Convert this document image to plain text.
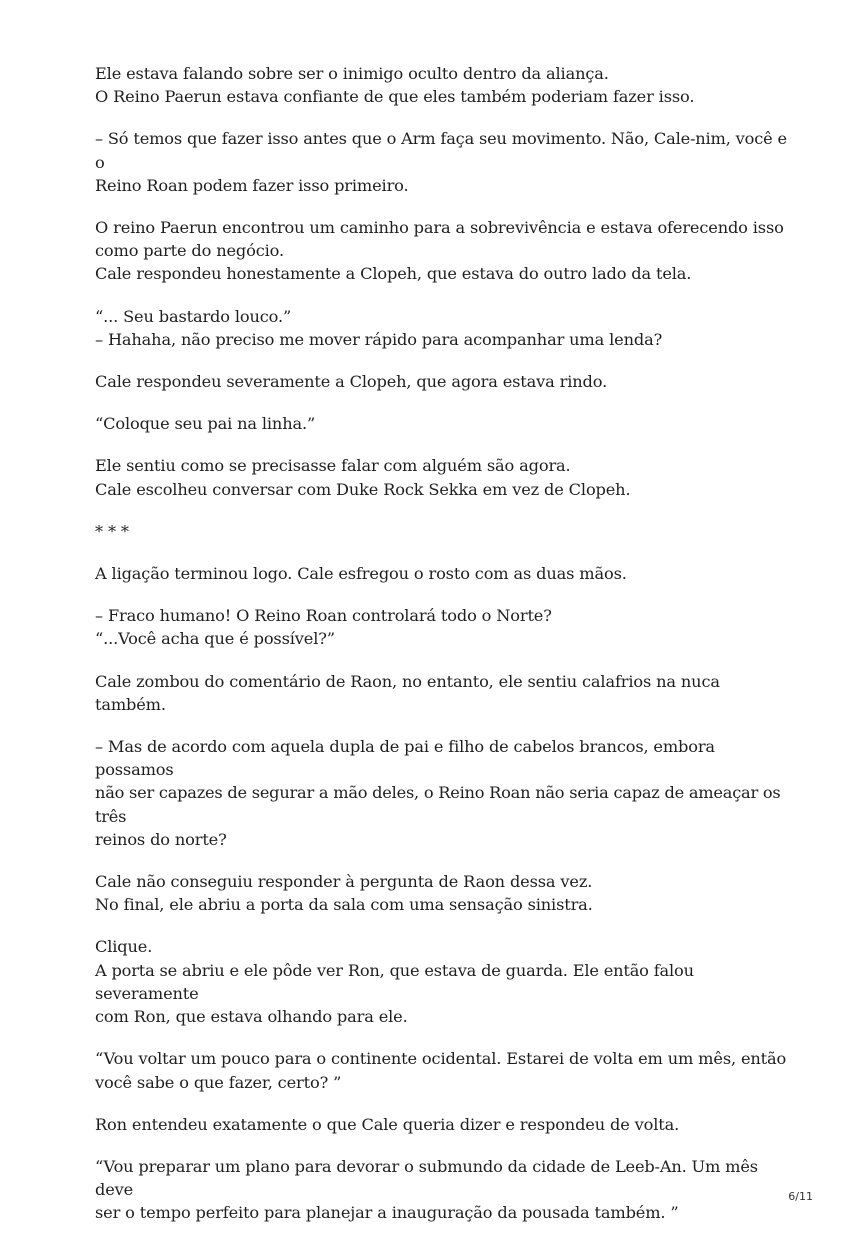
Ele estava falando sobre ser o inimigo oculto dentro da aliança.
O Reino Paerun estava confiante de que eles também poderiam fazer isso.

– Só temos que fazer isso antes que o Arm faça seu movimento. Não, Cale-nim, você e o
Reino Roan podem fazer isso primeiro.

O reino Paerun encontrou um caminho para a sobrevivência e estava oferecendo isso
como parte do negócio.
Cale respondeu honestamente a Clopeh, que estava do outro lado da tela.

“... Seu bastardo louco.”
– Hahaha, não preciso me mover rápido para acompanhar uma lenda?

Cale respondeu severamente a Clopeh, que agora estava rindo.

“Coloque seu pai na linha.”

Ele sentiu como se precisasse falar com alguém são agora.
Cale escolheu conversar com Duke Rock Sekka em vez de Clopeh.

* * *

A ligação terminou logo. Cale esfregou o rosto com as duas mãos.

– Fraco humano! O Reino Roan controlará todo o Norte?
“...Você acha que é possível?”

Cale zombou do comentário de Raon, no entanto, ele sentiu calafrios na nuca também.

– Mas de acordo com aquela dupla de pai e filho de cabelos brancos, embora possamos
não ser capazes de segurar a mão deles, o Reino Roan não seria capaz de ameaçar os três
reinos do norte?

Cale não conseguiu responder à pergunta de Raon dessa vez.
No final, ele abriu a porta da sala com uma sensação sinistra.

Clique.
A porta se abriu e ele pôde ver Ron, que estava de guarda. Ele então falou severamente
com Ron, que estava olhando para ele.

“Vou voltar um pouco para o continente ocidental. Estarei de volta em um mês, então
você sabe o que fazer, certo? ”

Ron entendeu exatamente o que Cale queria dizer e respondeu de volta.

“Vou preparar um plano para devorar o submundo da cidade de Leeb-An. Um mês deve
ser o tempo perfeito para planejar a inauguração da pousada também. ”

6/11
